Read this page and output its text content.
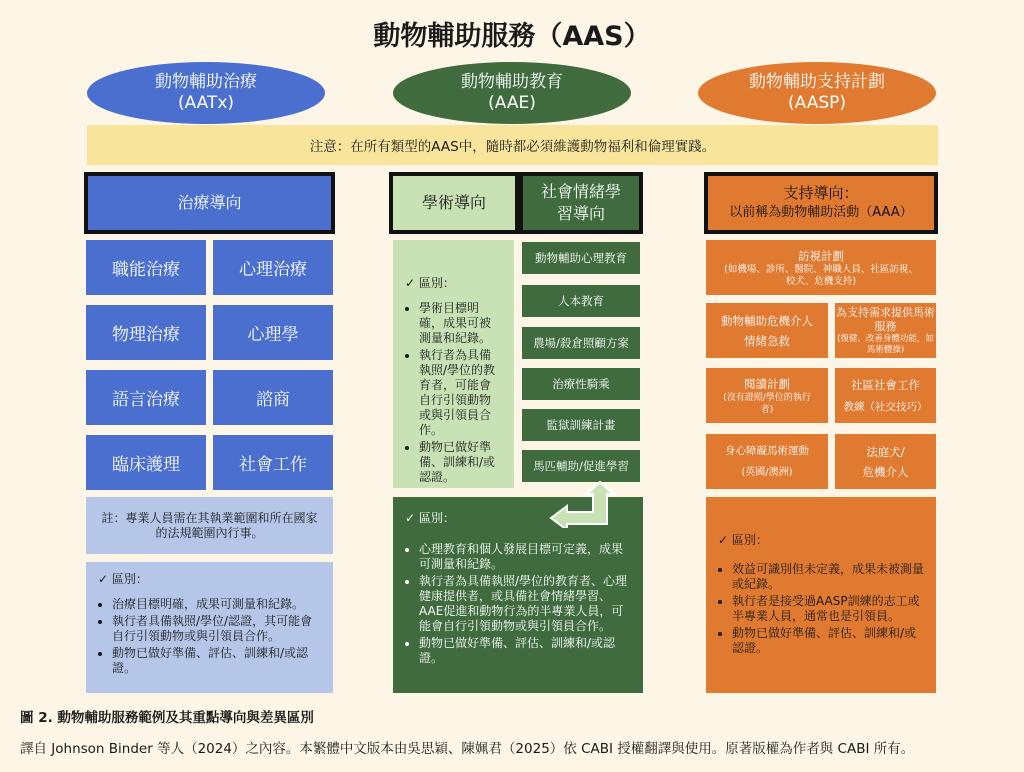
動物輔助服務（AAS）
動物輔助治療
(AATx)
動物輔助教育
(AAE)
動物輔助支持計劃
(AASP)
注意：在所有類型的AAS中，隨時都必須維護動物福利和倫理實踐。
治療導向
職能治療	心理治療
物理治療	心理學
語言治療	諮商
臨床護理	社會工作
註：專業人員需在其執業範圍和所在國家的法規範圍內行事。
✓ 區別：
• 治療目標明確，成果可測量和紀錄。
• 執行者具備執照/學位/認證，其可能會自行引領動物或與引領員合作。
• 動物已做好準備、評估、訓練和/或認證。
學術導向
社會情緒學習導向
✓ 區別：
• 學術目標明確，成果可被測量和紀錄。
• 執行者為具備執照/學位的教育者，可能會自行引領動物或與引領員合作。
• 動物已做好準備、訓練和/或認證。
動物輔助心理教育
人本教育
農場/殺倉照顧方案
治療性騎乘
監獄訓練計畫
馬匹輔助/促進學習
✓ 區別：
• 心理教育和個人發展目標可定義，成果可測量和紀錄。
• 執行者為具備執照/學位的教育者、心理健康提供者，或具備社會情緒學習、AAE促進和動物行為的半專業人員，可能會自行引領動物或與引領員合作。
• 動物已做好準備、評估、訓練和/或認證。
支持導向：
以前稱為動物輔助活動（AAA）
訪視計劃
(如機場、診所、醫院、神職人員、社區訪視、校犬、危機支持)
動物輔助危機介人
情緒急救
為支持需求提供馬術服務
(復健、改善身體功能，如馬術體操)
閱讀計劃
(沒有證照/學位的執行者)
社區社會工作
教練（社交技巧）
身心障礙馬術運動
(英國/澳洲)
法庭犬/
危機介人
✓ 區別：
• 效益可識別但未定義，成果未被測量或紀錄。
• 執行者是接受過AASP訓練的志工或半專業人員，通常也是引領員。
• 動物已做好準備、評估、訓練和/或認證。
圖 2. 動物輔助服務範例及其重點導向與差異區別
譯自 Johnson Binder 等人（2024）之內容。本繁體中文版本由吳思穎、陳姵君（2025）依 CABI 授權翻譯與使用。原著版權為作者與 CABI 所有。
